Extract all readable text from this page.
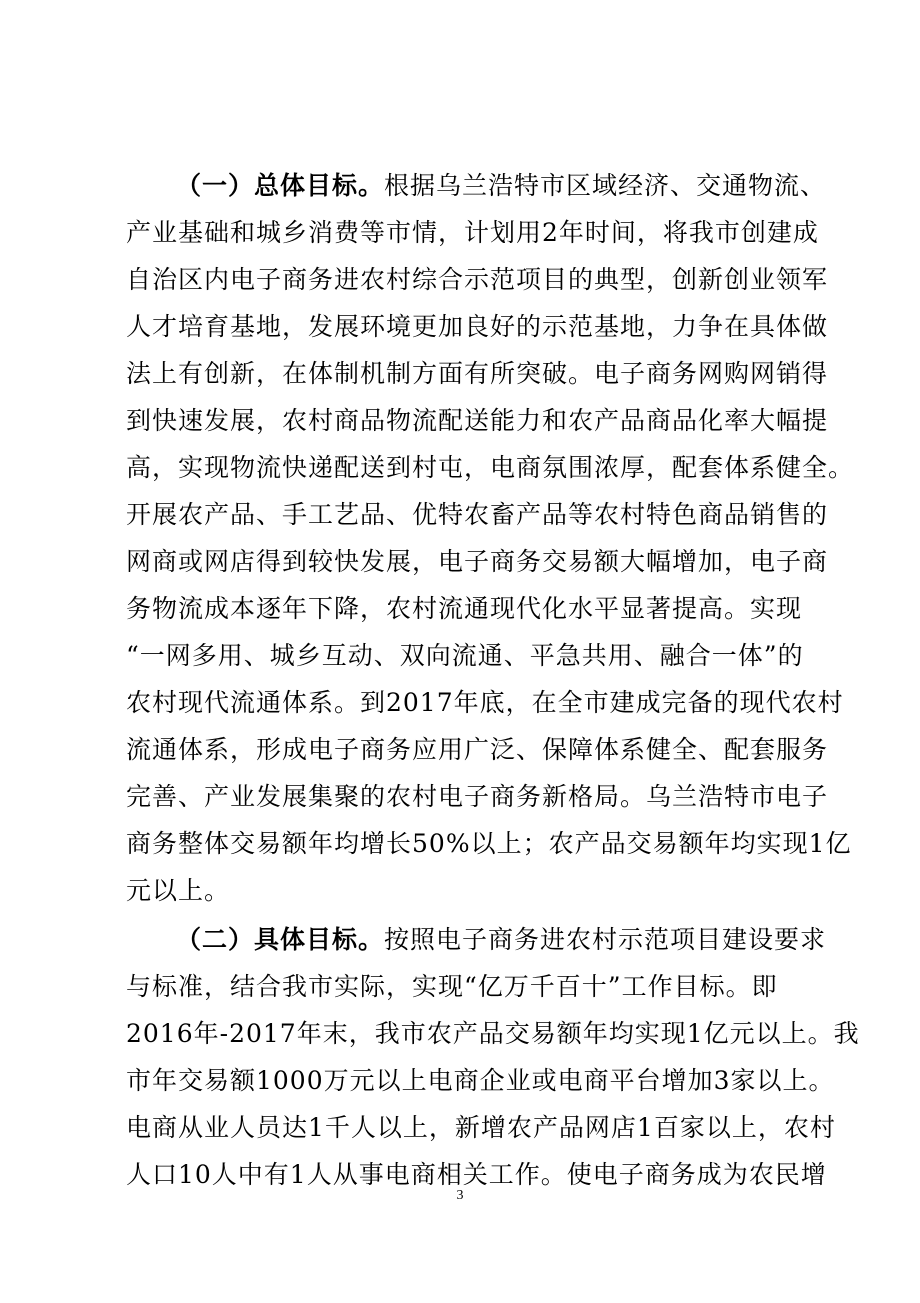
（一）总体目标。根据乌兰浩特市区域经济、交通物流、
产业基础和城乡消费等市情，计划用2年时间，将我市创建成
自治区内电子商务进农村综合示范项目的典型，创新创业领军
人才培育基地，发展环境更加良好的示范基地，力争在具体做
法上有创新，在体制机制方面有所突破。电子商务网购网销得
到快速发展，农村商品物流配送能力和农产品商品化率大幅提
高，实现物流快递配送到村屯，电商氛围浓厚，配套体系健全。
开展农产品、手工艺品、优特农畜产品等农村特色商品销售的
网商或网店得到较快发展，电子商务交易额大幅增加，电子商
务物流成本逐年下降，农村流通现代化水平显著提高。实现
“一网多用、城乡互动、双向流通、平急共用、融合一体”的
农村现代流通体系。到2017年底，在全市建成完备的现代农村
流通体系，形成电子商务应用广泛、保障体系健全、配套服务
完善、产业发展集聚的农村电子商务新格局。乌兰浩特市电子
商务整体交易额年均增长50%以上；农产品交易额年均实现1亿
元以上。
（二）具体目标。按照电子商务进农村示范项目建设要求
与标准，结合我市实际，实现“亿万千百十”工作目标。即
2016年-2017年末，我市农产品交易额年均实现1亿元以上。我
市年交易额1000万元以上电商企业或电商平台增加3家以上。
电商从业人员达1千人以上，新增农产品网店1百家以上，农村
人口10人中有1人从事电商相关工作。使电子商务成为农民增
3
